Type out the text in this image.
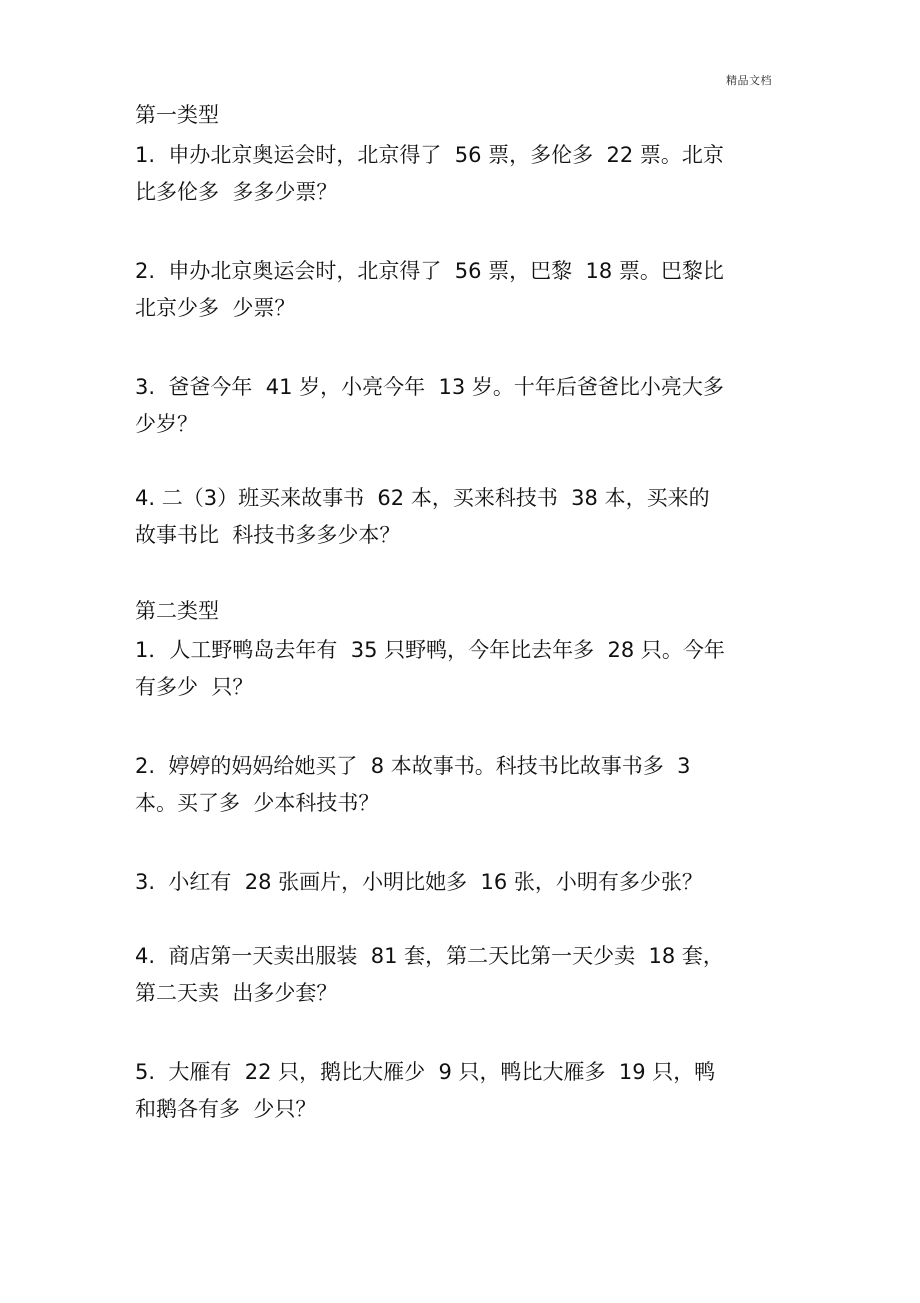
精品文档
第一类型
1.  申办北京奥运会时，北京得了  56 票，多伦多  22 票。北京
比多伦多  多多少票？
2.  申办北京奥运会时，北京得了  56 票，巴黎  18 票。巴黎比
北京少多  少票？
3.  爸爸今年  41 岁，小亮今年  13 岁。十年后爸爸比小亮大多
少岁？
4. 二（3）班买来故事书  62 本，买来科技书  38 本，买来的
故事书比  科技书多多少本？
第二类型
1．人工野鸭岛去年有  35 只野鸭，今年比去年多  28 只。今年
有多少  只？
2.  婷婷的妈妈给她买了  8 本故事书。科技书比故事书多  3
本。买了多  少本科技书？
3.  小红有  28 张画片，小明比她多  16 张，小明有多少张？
4.  商店第一天卖出服装  81 套，第二天比第一天少卖  18 套，
第二天卖  出多少套？
5.  大雁有  22 只，鹅比大雁少  9 只，鸭比大雁多  19 只，鸭
和鹅各有多  少只？
